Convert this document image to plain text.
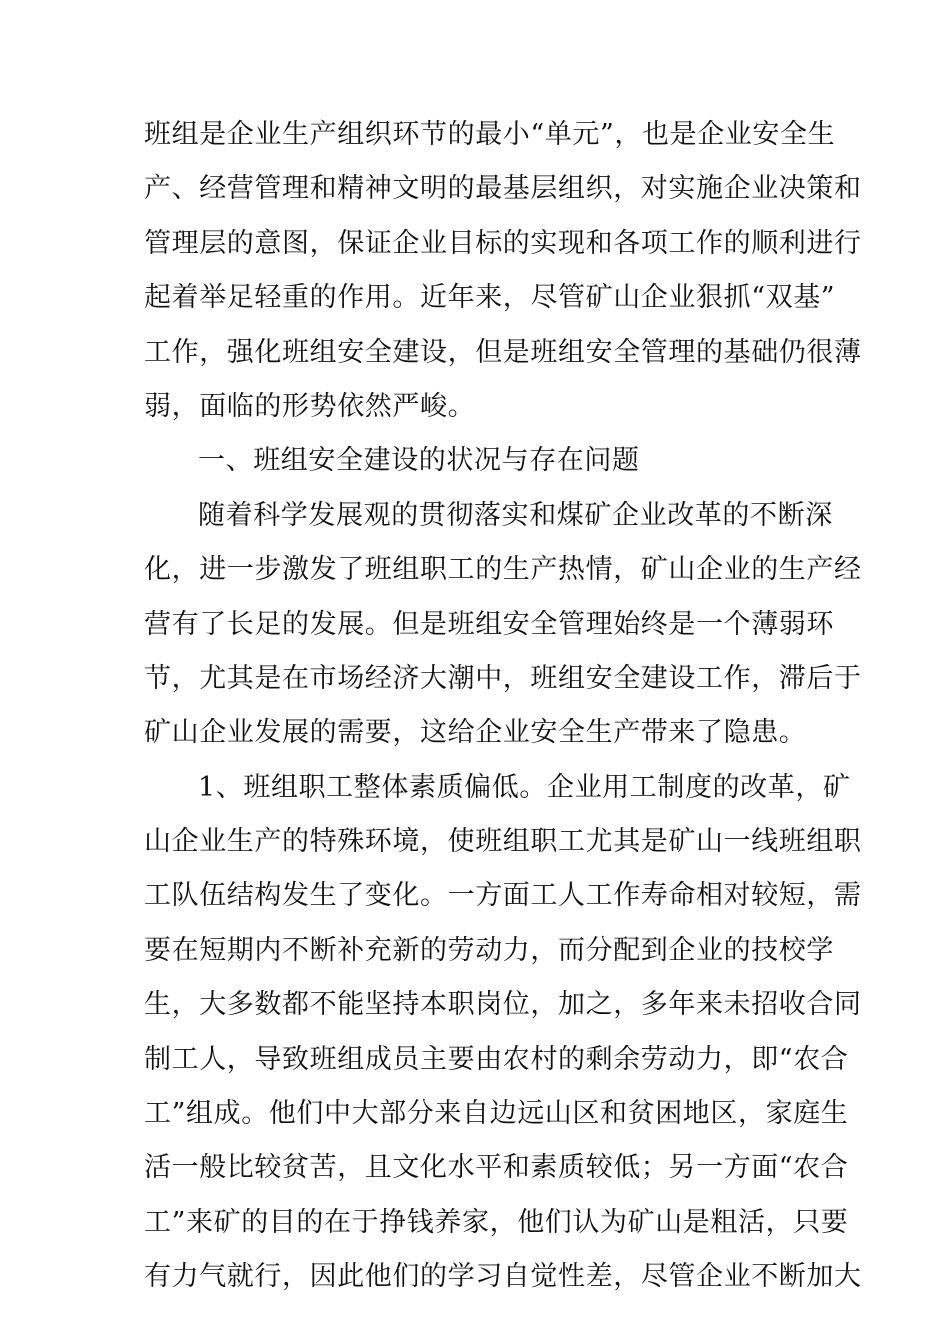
班组是企业生产组织环节的最小“单元”，也是企业安全生
产、经营管理和精神文明的最基层组织，对实施企业决策和
管理层的意图，保证企业目标的实现和各项工作的顺利进行
起着举足轻重的作用。近年来，尽管矿山企业狠抓“双基”
工作，强化班组安全建设，但是班组安全管理的基础仍很薄
弱，面临的形势依然严峻。
一、班组安全建设的状况与存在问题
随着科学发展观的贯彻落实和煤矿企业改革的不断深
化，进一步激发了班组职工的生产热情，矿山企业的生产经
营有了长足的发展。但是班组安全管理始终是一个薄弱环
节，尤其是在市场经济大潮中，班组安全建设工作，滞后于
矿山企业发展的需要，这给企业安全生产带来了隐患。
1、班组职工整体素质偏低。企业用工制度的改革，矿
山企业生产的特殊环境，使班组职工尤其是矿山一线班组职
工队伍结构发生了变化。一方面工人工作寿命相对较短，需
要在短期内不断补充新的劳动力，而分配到企业的技校学
生，大多数都不能坚持本职岗位，加之，多年来未招收合同
制工人，导致班组成员主要由农村的剩余劳动力，即“农合
工”组成。他们中大部分来自边远山区和贫困地区，家庭生
活一般比较贫苦，且文化水平和素质较低；另一方面“农合
工”来矿的目的在于挣钱养家，他们认为矿山是粗活，只要
有力气就行，因此他们的学习自觉性差，尽管企业不断加大
